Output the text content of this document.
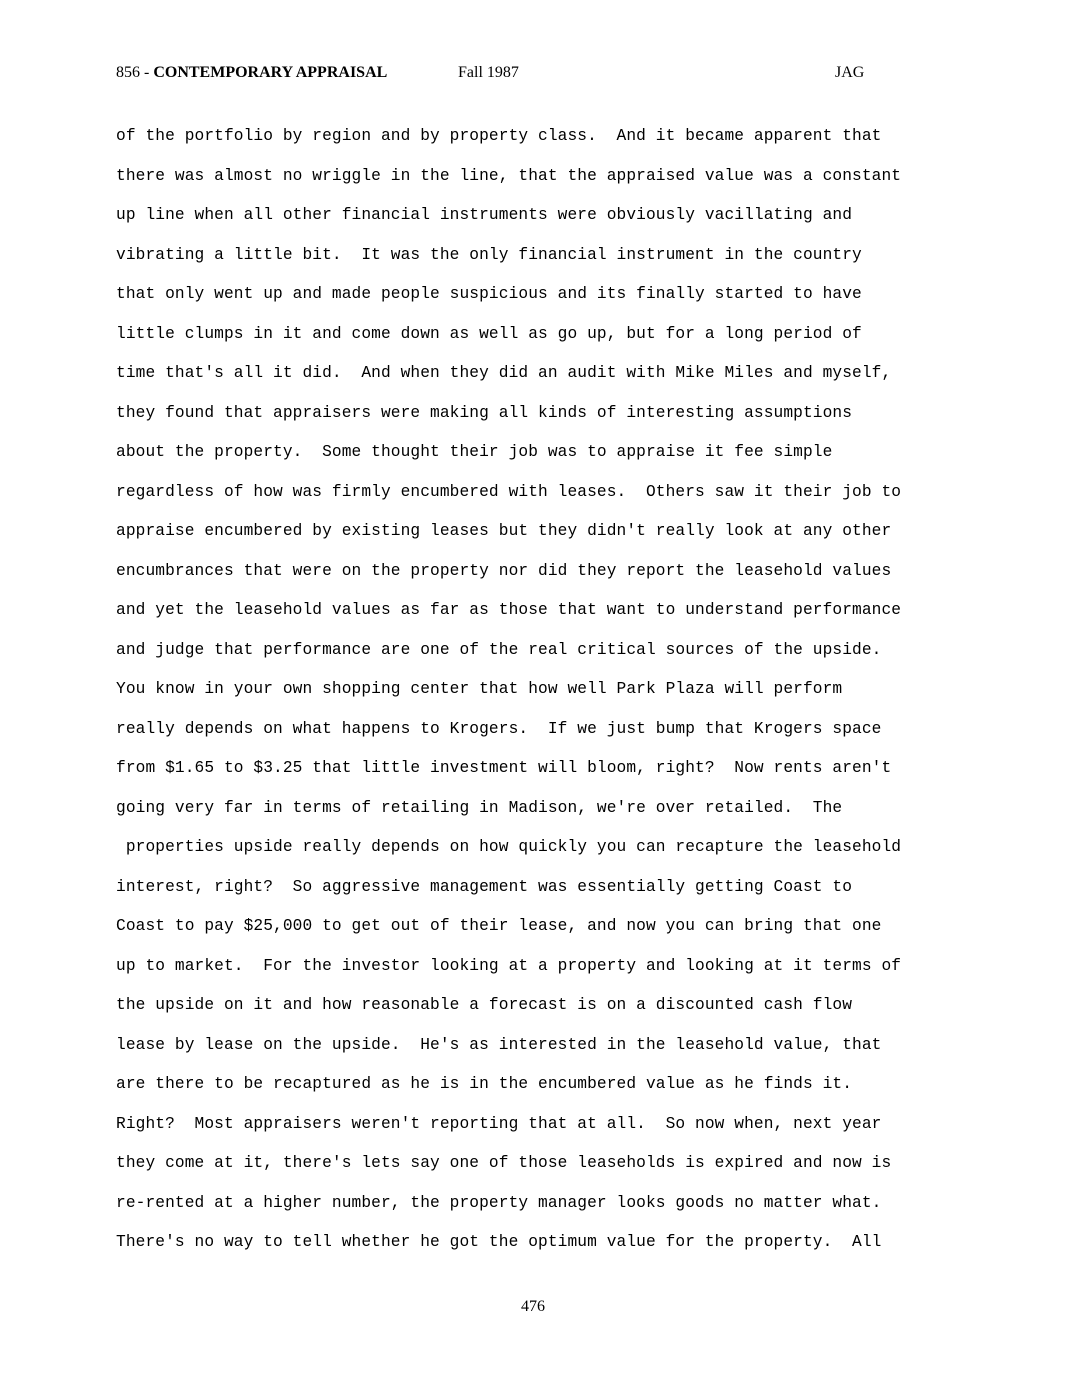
856 - CONTEMPORARY APPRAISAL	Fall 1987	JAG
of the portfolio by region and by property class.  And it became apparent that
there was almost no wriggle in the line, that the appraised value was a constant
up line when all other financial instruments were obviously vacillating and
vibrating a little bit.  It was the only financial instrument in the country
that only went up and made people suspicious and its finally started to have
little clumps in it and come down as well as go up, but for a long period of
time that's all it did.  And when they did an audit with Mike Miles and myself,
they found that appraisers were making all kinds of interesting assumptions
about the property.  Some thought their job was to appraise it fee simple
regardless of how was firmly encumbered with leases.  Others saw it their job to
appraise encumbered by existing leases but they didn't really look at any other
encumbrances that were on the property nor did they report the leasehold values
and yet the leasehold values as far as those that want to understand performance
and judge that performance are one of the real critical sources of the upside.
You know in your own shopping center that how well Park Plaza will perform
really depends on what happens to Krogers.  If we just bump that Krogers space
from $1.65 to $3.25 that little investment will bloom, right?  Now rents aren't
going very far in terms of retailing in Madison, we're over retailed.  The
properties upside really depends on how quickly you can recapture the leasehold
interest, right?  So aggressive management was essentially getting Coast to
Coast to pay $25,000 to get out of their lease, and now you can bring that one
up to market.  For the investor looking at a property and looking at it terms of
the upside on it and how reasonable a forecast is on a discounted cash flow
lease by lease on the upside.  He's as interested in the leasehold value, that
are there to be recaptured as he is in the encumbered value as he finds it.
Right?  Most appraisers weren't reporting that at all.  So now when, next year
they come at it, there's lets say one of those leaseholds is expired and now is
re-rented at a higher number, the property manager looks goods no matter what.
There's no way to tell whether he got the optimum value for the property.  All
476
